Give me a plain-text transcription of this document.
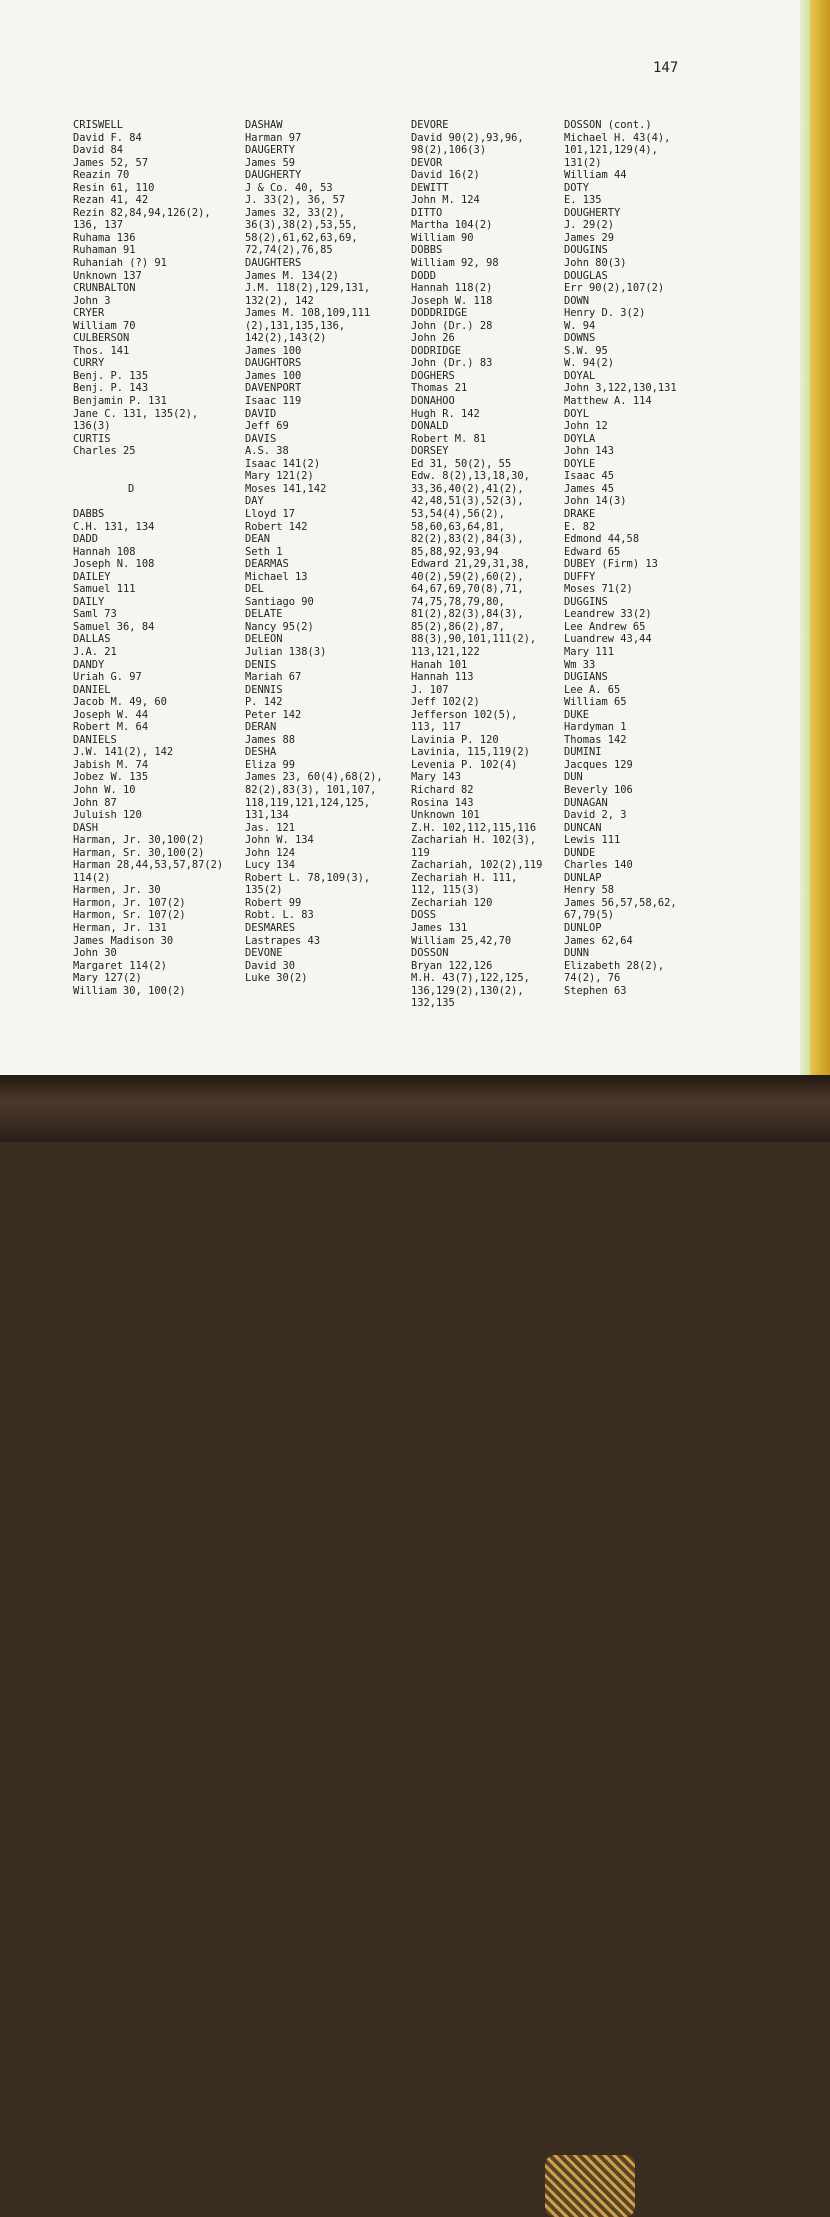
147
CRISWELL
David F. 84
David 84
James 52, 57
Reazin 70
Resin 61, 110
Rezan 41, 42
Rezin 82,84,94,126(2),
136, 137
Ruhama 136
Ruhaman 91
Ruhaniah (?) 91
Unknown 137
CRUNBALTON
John 3
CRYER
William 70
CULBERSON
Thos. 141
CURRY
Benj. P. 135
Benj. P. 143
Benjamin P. 131
Jane C. 131, 135(2),
136(3)
CURTIS
Charles 25
D
DABBS
C.H. 131, 134
DADD
Hannah 108
Joseph N. 108
DAILEY
Samuel 111
DAILY
Saml 73
Samuel 36, 84
DALLAS
J.A. 21
DANDY
Uriah G. 97
DANIEL
Jacob M. 49, 60
Joseph W. 44
Robert M. 64
DANIELS
J.W. 141(2), 142
Jabish M. 74
Jobez W. 135
John W. 10
John 87
Juluish 120
DASH
Harman, Jr. 30,100(2)
Harman, Sr. 30,100(2)
Harman 28,44,53,57,87(2)
114(2)
Harmen, Jr. 30
Harmon, Jr. 107(2)
Harmon, Sr. 107(2)
Herman, Jr. 131
James Madison 30
John 30
Margaret 114(2)
Mary 127(2)
William 30, 100(2)
DASHAW
Harman 97
DAUGERTY
James 59
DAUGHERTY
J & Co. 40, 53
J. 33(2), 36, 57
James 32, 33(2),
36(3),38(2),53,55,
58(2),61,62,63,69,
72,74(2),76,85
DAUGHTERS
James M. 134(2)
J.M. 118(2),129,131,
132(2), 142
James M. 108,109,111
(2),131,135,136,
142(2),143(2)
James 100
DAUGHTORS
James 100
DAVENPORT
Isaac 119
DAVID
Jeff 69
DAVIS
A.S. 38
Isaac 141(2)
Mary 121(2)
Moses 141,142
DAY
Lloyd 17
Robert 142
DEAN
Seth 1
DEARMAS
Michael 13
DEL
Santiago 90
DELATE
Nancy 95(2)
DELEON
Julian 138(3)
DENIS
Mariah 67
DENNIS
P. 142
Peter 142
DERAN
James 88
DESHA
Eliza 99
James 23, 60(4),68(2),
82(2),83(3), 101,107,
118,119,121,124,125,
131,134
Jas. 121
John W. 134
John 124
Lucy 134
Robert L. 78,109(3),
135(2)
Robert 99
Robt. L. 83
DESMARES
Lastrapes 43
DEVONE
David 30
Luke 30(2)
DEVORE
David 90(2),93,96,
98(2),106(3)
DEVOR
David 16(2)
DEWITT
John M. 124
DITTO
Martha 104(2)
William 90
DOBBS
William 92, 98
DODD
Hannah 118(2)
Joseph W. 118
DODDRIDGE
John (Dr.) 28
John 26
DODRIDGE
John (Dr.) 83
DOGHERS
Thomas 21
DONAHOO
Hugh R. 142
DONALD
Robert M. 81
DORSEY
Ed 31, 50(2), 55
Edw. 8(2),13,18,30,
33,36,40(2),41(2),
42,48,51(3),52(3),
53,54(4),56(2),
58,60,63,64,81,
82(2),83(2),84(3),
85,88,92,93,94
Edward 21,29,31,38,
40(2),59(2),60(2),
64,67,69,70(8),71,
74,75,78,79,80,
81(2),82(3),84(3),
85(2),86(2),87,
88(3),90,101,111(2),
113,121,122
Hanah 101
Hannah 113
J. 107
Jeff 102(2)
Jefferson 102(5),
113, 117
Lavinia P. 120
Lavinia, 115,119(2)
Levenia P. 102(4)
Mary 143
Richard 82
Rosina 143
Unknown 101
Z.H. 102,112,115,116
Zachariah H. 102(3),
119
Zachariah, 102(2),119
Zechariah H. 111,
112, 115(3)
Zechariah 120
DOSS
James 131
William 25,42,70
DOSSON
Bryan 122,126
M.H. 43(7),122,125,
136,129(2),130(2),
132,135
DOSSON (cont.)
Michael H. 43(4),
101,121,129(4),
131(2)
William 44
DOTY
E. 135
DOUGHERTY
J. 29(2)
James 29
DOUGINS
John 80(3)
DOUGLAS
Err 90(2),107(2)
DOWN
Henry D. 3(2)
W. 94
DOWNS
S.W. 95
W. 94(2)
DOYAL
John 3,122,130,131
Matthew A. 114
DOYL
John 12
DOYLA
John 143
DOYLE
Isaac 45
James 45
John 14(3)
DRAKE
E. 82
Edmond 44,58
Edward 65
DUBEY (Firm) 13
DUFFY
Moses 71(2)
DUGGINS
Leandrew 33(2)
Lee Andrew 65
Luandrew 43,44
Mary 111
Wm 33
DUGIANS
Lee A. 65
William 65
DUKE
Hardyman 1
Thomas 142
DUMINI
Jacques 129
DUN
Beverly 106
DUNAGAN
David 2, 3
DUNCAN
Lewis 111
DUNDE
Charles 140
DUNLAP
Henry 58
James 56,57,58,62,
67,79(5)
DUNLOP
James 62,64
DUNN
Elizabeth 28(2),
74(2), 76
Stephen 63
